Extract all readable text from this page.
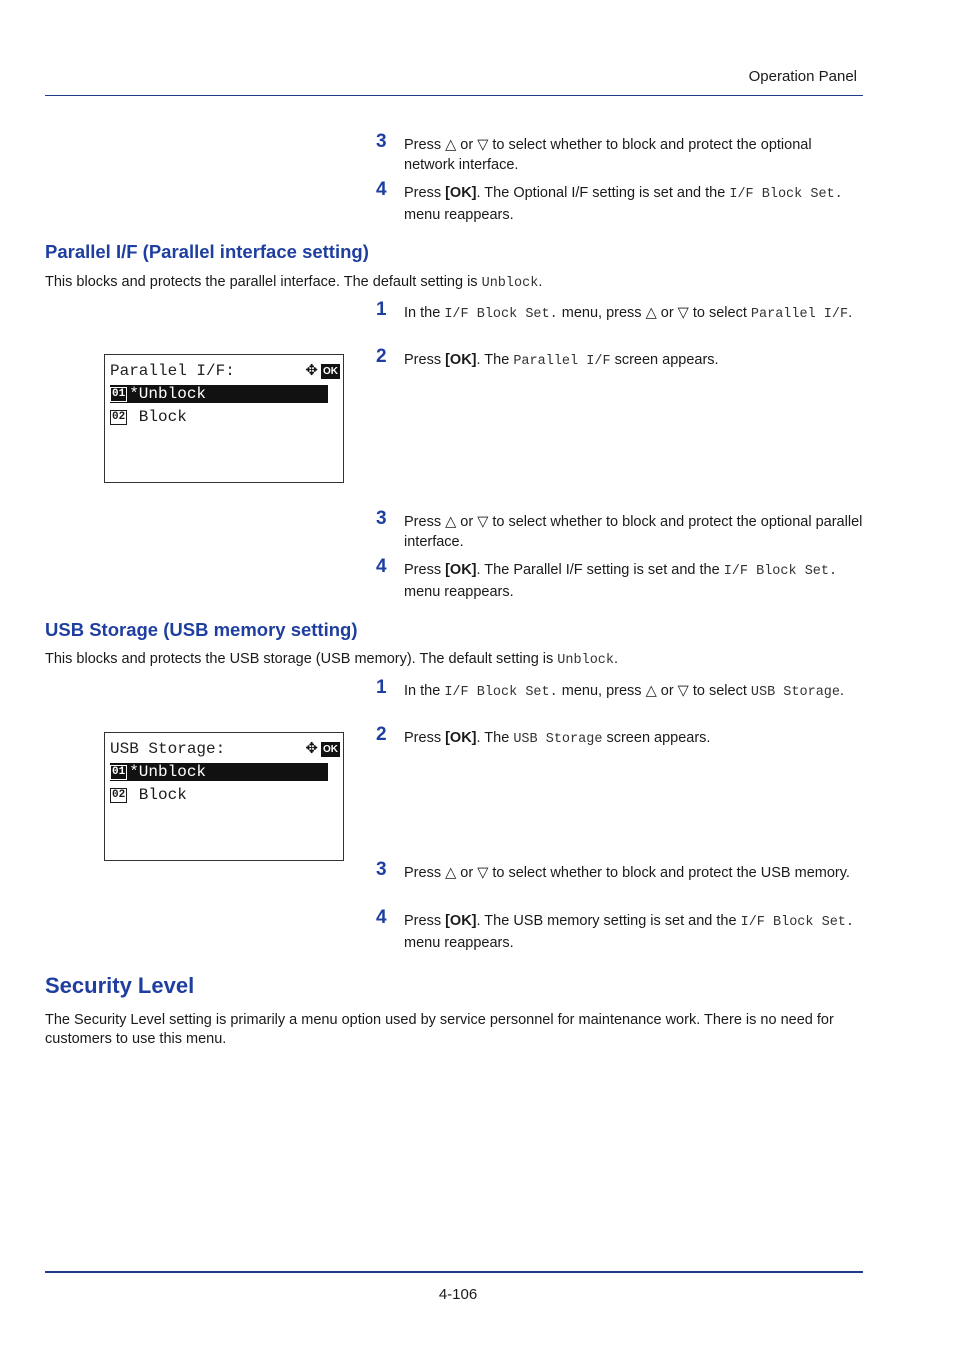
Operation Panel
3 Press △ or ▽ to select whether to block and protect the optional network interface.
4 Press [OK]. The Optional I/F setting is set and the I/F Block Set. menu reappears.
Parallel I/F (Parallel interface setting)
This blocks and protects the parallel interface. The default setting is Unblock.
1 In the I/F Block Set. menu, press △ or ▽ to select Parallel I/F.
2 Press [OK]. The Parallel I/F screen appears.
Parallel I/F:	✥ OK
01 *Unblock
02 Block
3 Press △ or ▽ to select whether to block and protect the optional parallel interface.
4 Press [OK]. The Parallel I/F setting is set and the I/F Block Set. menu reappears.
USB Storage (USB memory setting)
This blocks and protects the USB storage (USB memory). The default setting is Unblock.
1 In the I/F Block Set. menu, press △ or ▽ to select USB Storage.
2 Press [OK]. The USB Storage screen appears.
USB Storage:	✥ OK
01 *Unblock
02 Block
3 Press △ or ▽ to select whether to block and protect the USB memory.
4 Press [OK]. The USB memory setting is set and the I/F Block Set. menu reappears.
Security Level
The Security Level setting is primarily a menu option used by service personnel for maintenance work. There is no need for customers to use this menu.
4-106
